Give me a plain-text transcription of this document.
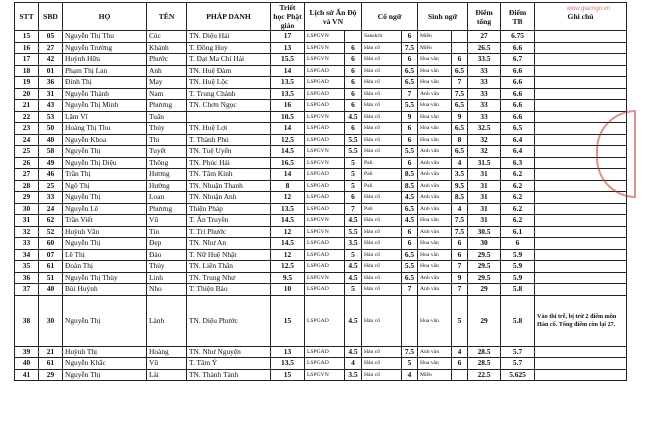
STT	SBD	HỌ	TÊN	PHÁP DANH	Triết học Phật giáo	Lịch sử Ấn Độ và VN		Cổ ngữ		Sinh ngữ		Điểm tổng	Điểm TB	Ghi chú
15	05	Nguyễn Thị Thu	Cúc	TN. Diệu Hải	17	LSPGVN		Sanskrit	6	Miễn		27	6.75	
16	27	Nguyễn Trường	Khánh	T. Đồng Huy	13	LSPGVN	6	Hán cổ	7.5	Miễn		26.5	6.6	
17	42	Huỳnh Hữu	Phước	T. Đạt Ma Chí Hải	15.5	LSPGVN	6	Hán cổ	6	Hoa văn	6	33.5	6.7	
18	01	Phạm Thị Lan	Anh	TN. Huệ Đàm	14	LSPGAD	6	Hán cổ	6.5	Hoa văn	6.5	33	6.6	
19	36	Đinh Thị	May	TN. Huệ Lộc	13.5	LSPGAD	6	Hán cổ	6.5	Hoa văn	7	33	6.6	
20	31	Nguyễn Thành	Nam	T. Trung Chánh	13.5	LSPGAD	6	Hán cổ	7	Anh văn	7.5	33	6.6	
21	43	Nguyễn Thị Minh	Phương	TN. Chơn Ngọc	16	LSPGAD	6	Hán cổ	5.5	Hoa văn	6.5	33	6.6	
22	53	Lâm Vĩ	Tuấn		10.5	LSPGVN	4.5	Hán cổ	9	Hoa văn	9	33	6.6	
23	50	Hoàng Thị Thu	Thủy	TN. Huệ Lợi	14	LSPGAD	6	Hán cổ	6	Hoa văn	6.5	32.5	6.5	
24	40	Nguyễn Khoa	Thi	T. Thành Phú	12.5	LSPGAD	5.5	Hán cổ	6	Hoa văn	8	32	6.4	
25	58	Nguyễn Thị	Tuyết	TN. Tuệ Uyển	14.5	LSPGVN	5.5	Hán cổ	5.5	Anh văn	6.5	32	6.4	
26	49	Nguyễn Thị Diệu	Thông	TN. Phúc Hải	16.5	LSPGVN	5	Pali	6	Anh văn	4	31.5	6.3	
27	46	Trần Thị	Hương	TN. Tâm Kính	14	LSPGAD	5	Pali	8.5	Anh văn	3.5	31	6.2	
28	25	Ngô Thị	Hường	TN. Nhuận Thanh	8	LSPGAD	5	Pali	8.5	Anh văn	9.5	31	6.2	
29	33	Nguyễn Thị	Loan	TN. Nhuận Anh	12	LSPGAD	6	Hán cổ	4.5	Anh văn	8.5	31	6.2	
30	24	Nguyễn Lê	Phương	Thiện Pháp	13.5	LSPGAD	7	Pali	6.5	Anh văn	4	31	6.2	
31	62	Trần Viết	Vũ	T. Ấn Truyền	14.5	LSPGVN	4.5	Hán cổ	4.5	Hoa văn	7.5	31	6.2	
32	52	Huỳnh Văn	Tín	T. Trí Phước	12	LSPGVN	5.5	Hán cổ	6	Anh văn	7.5	30.5	6.1	
33	60	Nguyễn Thị	Đẹp	TN. Như An	14.5	LSPGAD	3.5	Hán cổ	6	Hoa văn	6	30	6	
34	07	Lê Thị	Đào	T. Nữ Huệ Nhật	12	LSPGAD	5	Hán cổ	6.5	Hoa văn	6	29.5	5.9	
35	61	Đoàn Thị	Thủy	TN. Liên Thân	12.5	LSPGAD	4.5	Hán cổ	5.5	Hoa văn	7	29.5	5.9	
36	51	Nguyễn Thị Thùy	Linh	TN. Trung Như	9.5	LSPGVN	4.5	Hán cổ	6.5	Anh văn	9	29.5	5.9	
37	40	Bùi Huỳnh	Nho	T. Thiện Bảo	10	LSPGAD	5	Hán cổ	7	Anh văn	7	29	5.8	
38	30	Nguyễn Thị	Lành	TN. Diệu Phước	15	LSPGAD	4.5	Hán cổ		Hoa văn	5	29	5.8	Vào thi trễ, bị trừ 2 điểm môn Hán cổ. Tổng điểm còn lại 27.
39	21	Huỳnh Thị	Hoàng	TN. Như Nguyện	13	LSPGAD	4.5	Hán cổ	7.5	Anh văn	4	28.5	5.7	
40	61	Nguyễn Khắc	Vũ	T. Tâm Ý	13.5	LSPGAD	4	Hán cổ	5	Hoa văn	6	28.5	5.7	
41	29	Nguyễn Thị	Lài	TN. Thành Tánh	15	LSPGVN	3.5	Hán cổ	4	Miễn		22.5	5.625	
www.giacngo.vn
